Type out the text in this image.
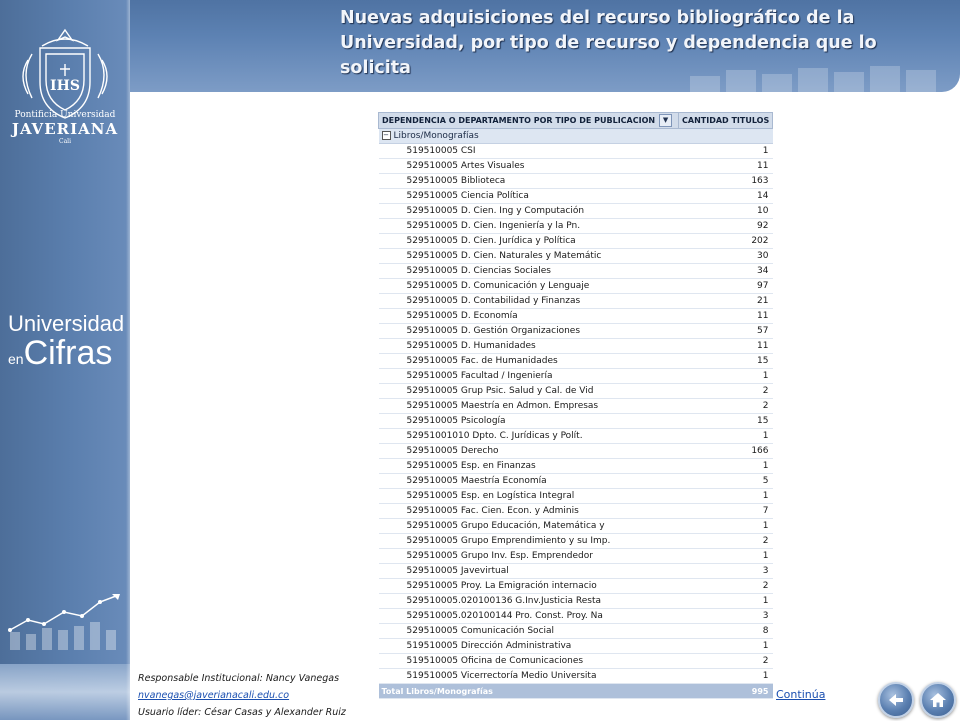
IHS
Pontificia Universidad
JAVERIANA
Cali
Universidad
enCifras
Nuevas adquisiciones del recurso bibliográfico de la Universidad, por tipo de recurso y dependencia que lo solicita
DEPENDENCIA O DEPARTAMENTO POR TIPO DE PUBLICACION ▼	CANTIDAD TITULOS
− Libros/Monografías	
519510005 CSI	1
529510005 Artes Visuales	11
529510005 Biblioteca	163
529510005 Ciencia Política	14
529510005 D. Cien. Ing y Computación	10
529510005 D. Cien. Ingeniería y la Pn.	92
529510005 D. Cien. Jurídica y Política	202
529510005 D. Cien. Naturales y Matemátic	30
529510005 D. Ciencias Sociales	34
529510005 D. Comunicación y Lenguaje	97
529510005 D. Contabilidad y Finanzas	21
529510005 D. Economía	11
529510005 D. Gestión Organizaciones	57
529510005 D. Humanidades	11
529510005 Fac. de Humanidades	15
529510005 Facultad / Ingeniería	1
529510005 Grup Psic. Salud y Cal. de Vid	2
529510005 Maestría en Admon. Empresas	2
529510005 Psicología	15
52951001010 Dpto. C. Jurídicas y Polít.	1
529510005 Derecho	166
529510005 Esp. en Finanzas	1
529510005 Maestría Economía	5
529510005 Esp. en Logística Integral	1
529510005 Fac. Cien. Econ. y Adminis	7
529510005 Grupo Educación, Matemática y	1
529510005 Grupo Emprendimiento y su Imp.	2
529510005 Grupo Inv. Esp. Emprendedor	1
529510005 Javevirtual	3
529510005 Proy. La Emigración internacio	2
529510005.020100136 G.Inv.Justicia Resta	1
529510005.020100144 Pro. Const. Proy. Na	3
529510005 Comunicación Social	8
519510005 Dirección Administrativa	1
519510005 Oficina de Comunicaciones	2
519510005 Vicerrectoría Medio Universita	1
Total Libros/Monografías	995
Responsable Institucional: Nancy Vanegas
nvanegas@javerianacali.edu.co
Usuario líder: César Casas y Alexander Ruiz
Continúa
